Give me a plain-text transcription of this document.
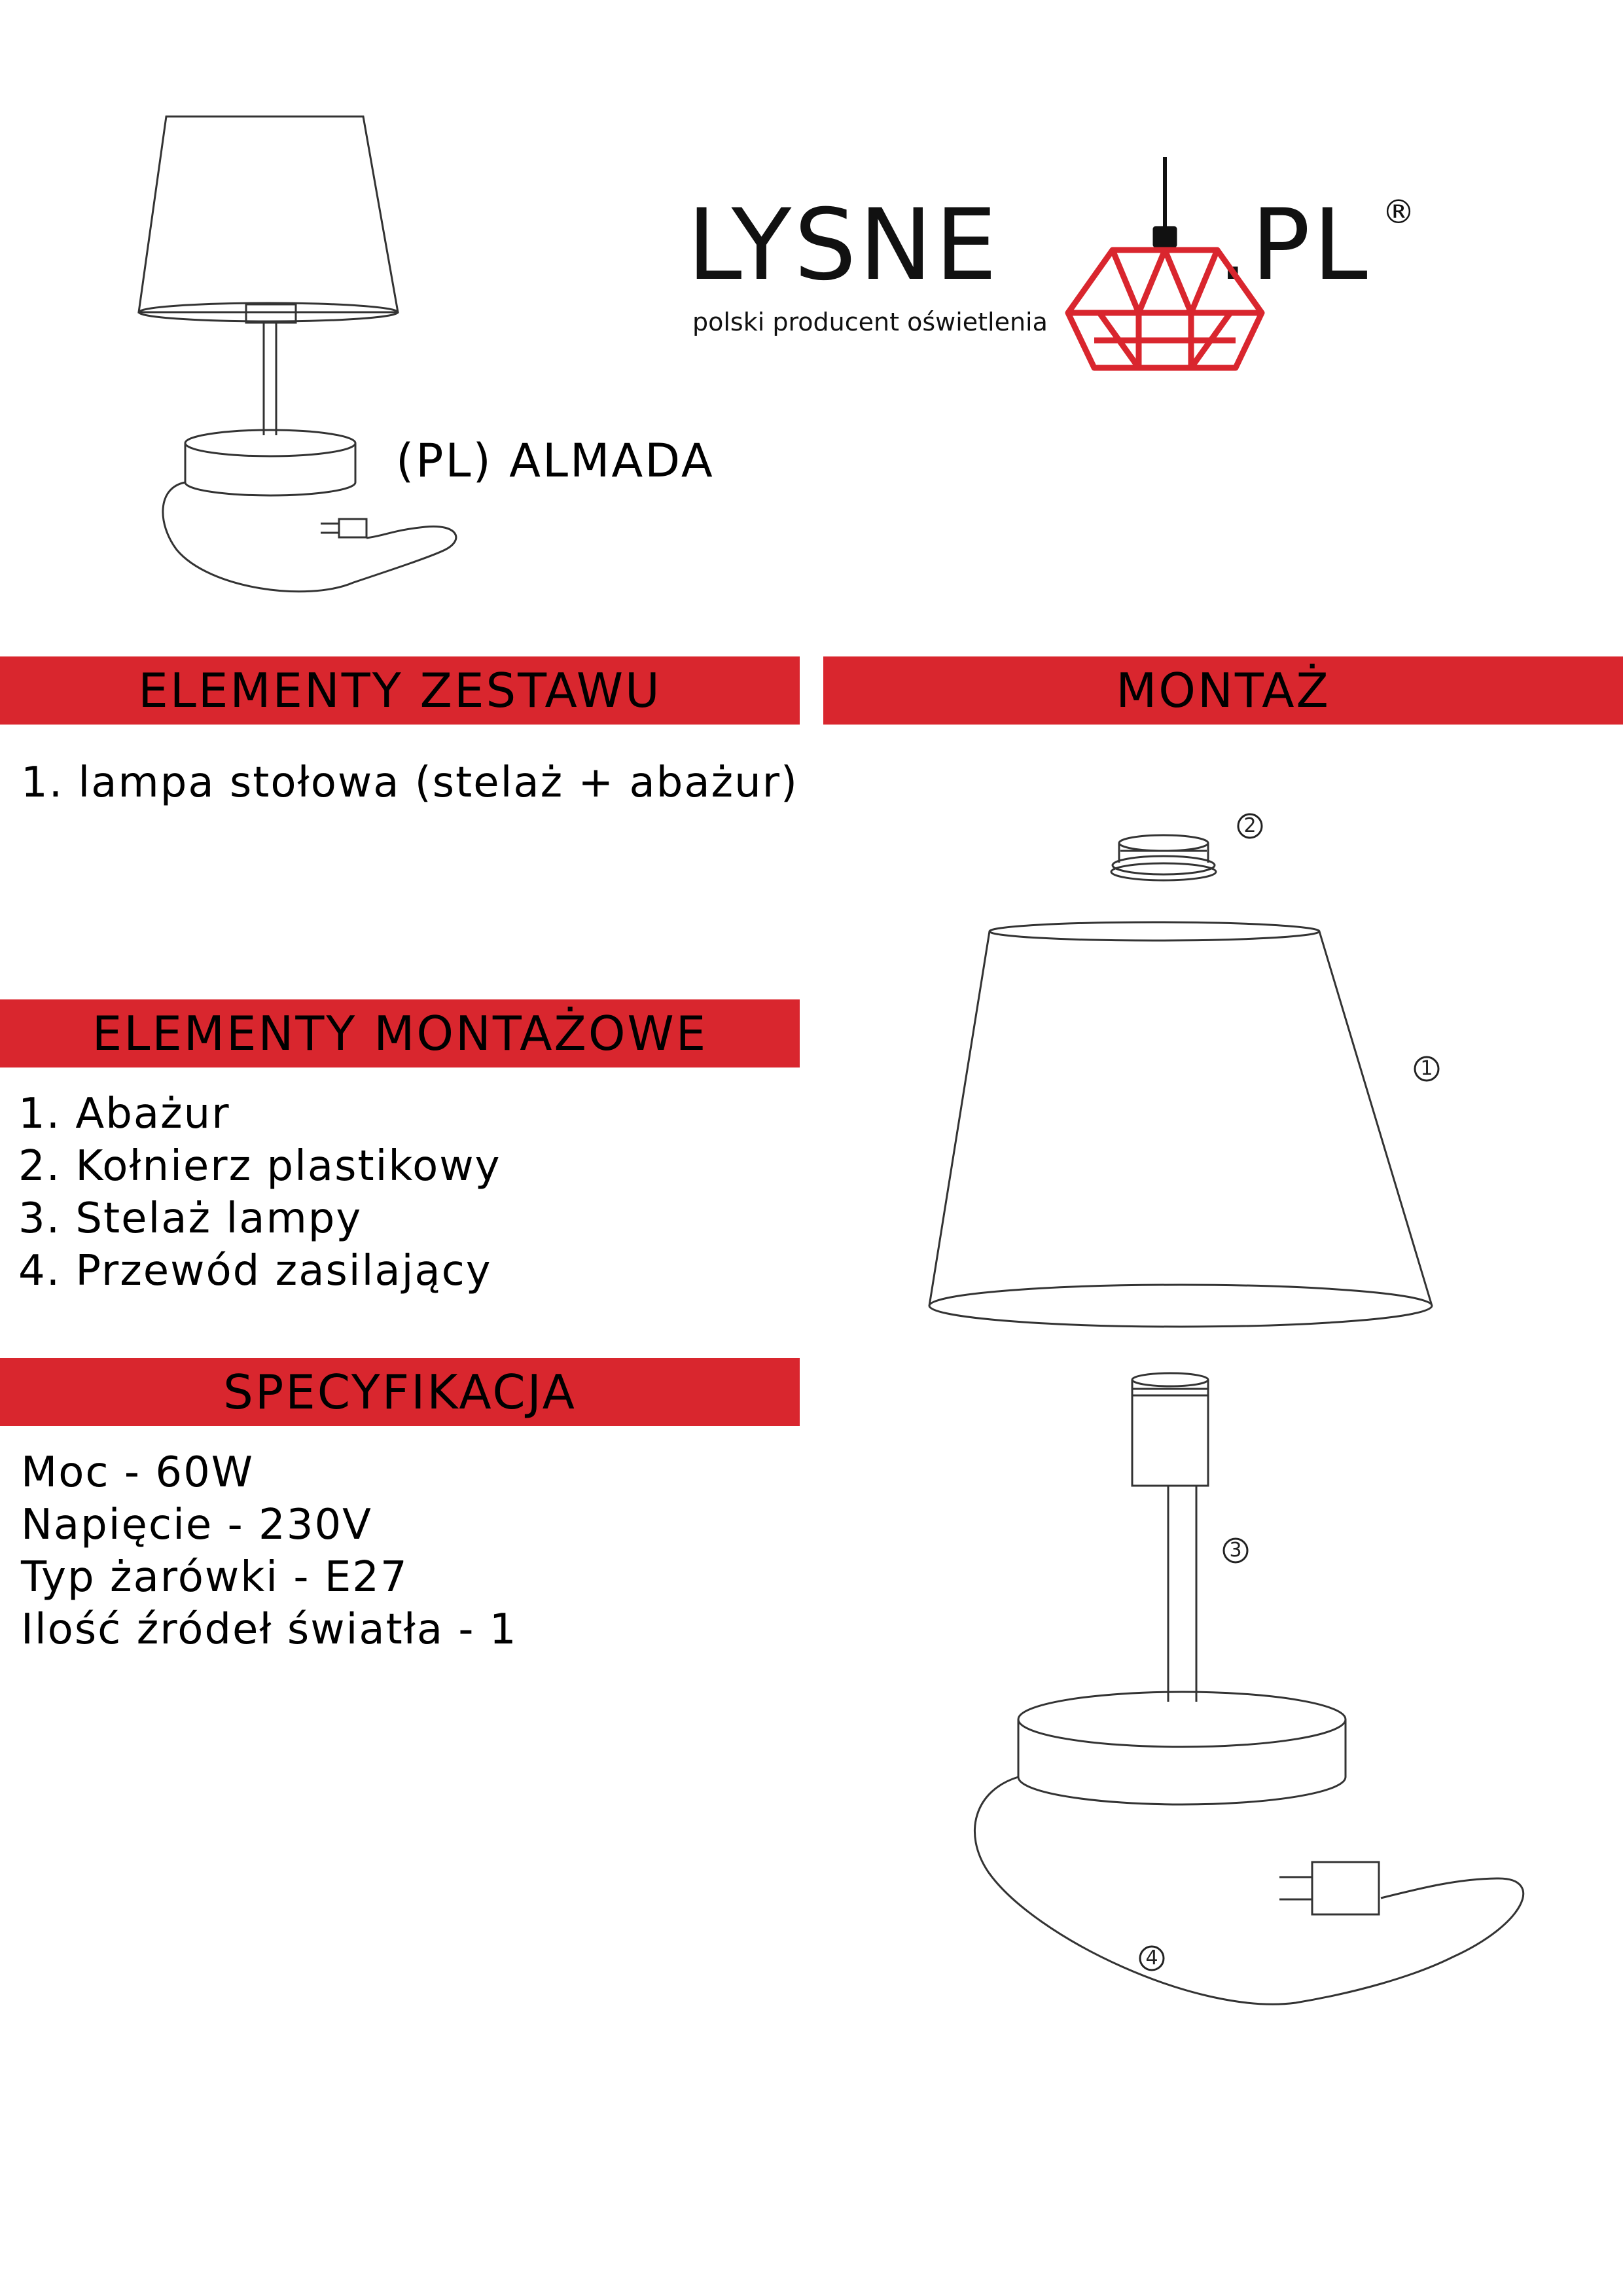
LYSNE .PL ®
polski producent oświetlenia
(PL) ALMADA
ELEMENTY ZESTAWU	MONTAŻ
1. lampa stołowa (stelaż + abażur)
ELEMENTY MONTAŻOWE
1. Abażur
2. Kołnierz plastikowy
3. Stelaż lampy
4. Przewód zasilający
SPECYFIKACJA
Moc - 60W
Napięcie - 230V
Typ żarówki - E27
Ilość źródeł światła - 1
2
1
3
4
